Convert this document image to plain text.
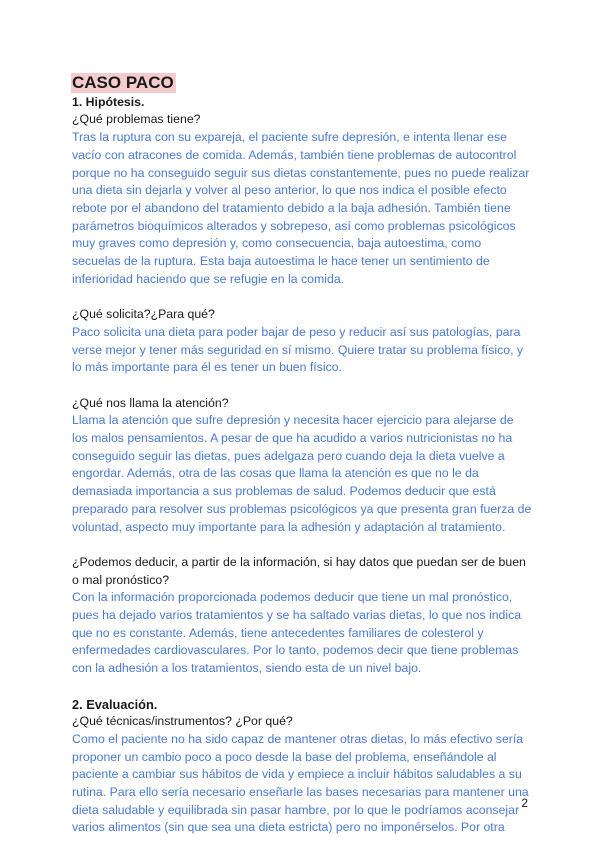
CASO PACO
1. Hipótesis.
¿Qué problemas tiene?
Tras la ruptura con su expareja, el paciente sufre depresión, e intenta llenar ese vacío con atracones de comida. Además, también tiene problemas de autocontrol porque no ha conseguido seguir sus dietas constantemente, pues no puede realizar una dieta sin dejarla y volver al peso anterior, lo que nos indica el posible efecto rebote por el abandono del tratamiento debido a la baja adhesión. También tiene parámetros bioquímicos alterados y sobrepeso, así como problemas psicológicos muy graves como depresión y, como consecuencia, baja autoestima, como secuelas de la ruptura. Esta baja autoestima le hace tener un sentimiento de inferioridad haciendo que se refugie en la comida.
¿Qué solicita?¿Para qué?
Paco solicita una dieta para poder bajar de peso y reducir así sus patologías, para verse mejor y tener más seguridad en sí mismo. Quiere tratar su problema físico, y lo más importante para él es tener un buen físico.
¿Qué nos llama la atención?
Llama la atención que sufre depresión y necesita hacer ejercicio para alejarse de los malos pensamientos. A pesar de que ha acudido a varios nutricionistas no ha conseguido seguir las dietas, pues adelgaza pero cuando deja la dieta vuelve a engordar. Además, otra de las cosas que llama la atención es que no le da demasiada importancia a sus problemas de salud. Podemos deducir que está preparado para resolver sus problemas psicológicos ya que presenta gran fuerza de voluntad, aspecto muy importante para la adhesión y adaptación al tratamiento.
¿Podemos deducir, a partir de la información, si hay datos que puedan ser de buen o mal pronóstico?
Con la información proporcionada podemos deducir que tiene un mal pronóstico, pues ha dejado varios tratamientos y se ha saltado varias dietas, lo que nos indica que no es constante. Además, tiene antecedentes familiares de colesterol y enfermedades cardiovasculares. Por lo tanto, podemos decir que tiene problemas con la adhesión a los tratamientos, siendo esta de un nivel bajo.
2. Evaluación.
¿Qué técnicas/instrumentos? ¿Por qué?
Como el paciente no ha sido capaz de mantener otras dietas, lo más efectivo sería proponer un cambio poco a poco desde la base del problema, enseñándole al paciente a cambiar sus hábitos de vida y empiece a incluir hábitos saludables a su rutina. Para ello sería necesario enseñarle las bases necesarias para mantener una dieta saludable y equilibrada sin pasar hambre, por lo que le podríamos aconsejar varios alimentos (sin que sea una dieta estricta) pero no imponérselos. Por otra
2
